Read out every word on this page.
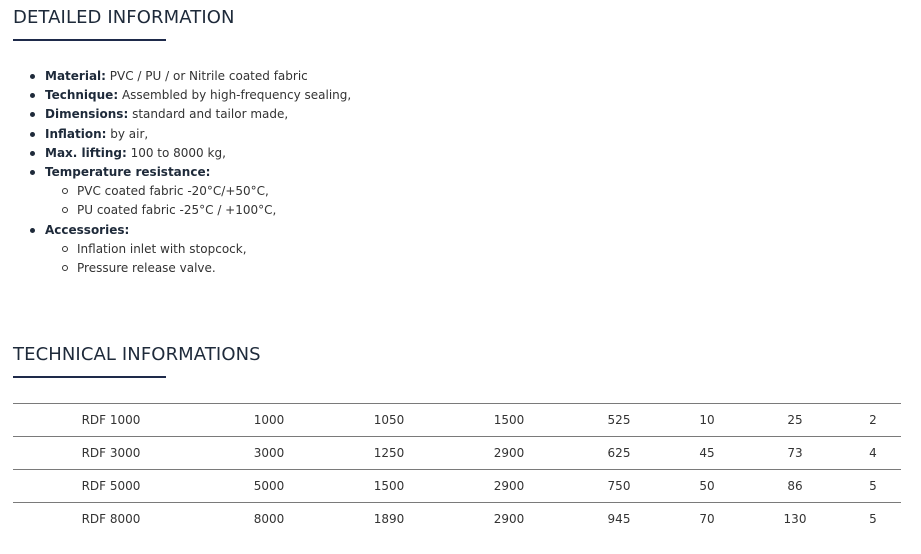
DETAILED INFORMATION
Material: PVC / PU / or Nitrile coated fabric
Technique: Assembled by high-frequency sealing,
Dimensions: standard and tailor made,
Inflation: by air,
Max. lifting: 100 to 8000 kg,
Temperature resistance:
PVC coated fabric -20°C/+50°C,
PU coated fabric -25°C / +100°C,
Accessories:
Inflation inlet with stopcock,
Pressure release valve.
TECHNICAL INFORMATIONS
RDF 1000	1000	1050	1500	525	10	25	2
RDF 3000	3000	1250	2900	625	45	73	4
RDF 5000	5000	1500	2900	750	50	86	5
RDF 8000	8000	1890	2900	945	70	130	5
